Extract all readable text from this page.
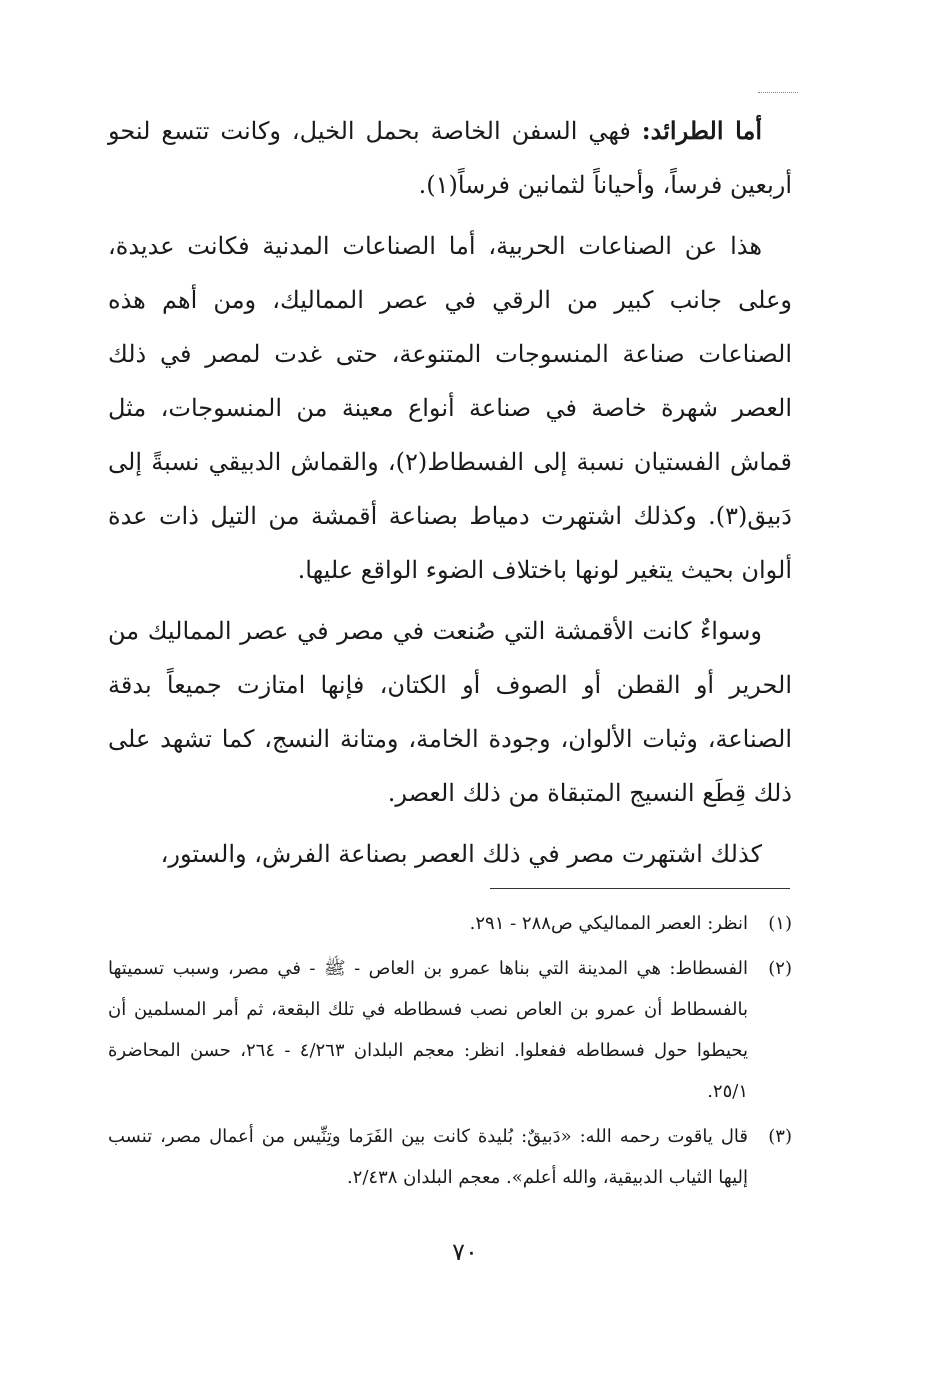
أما الطرائد: فهي السفن الخاصة بحمل الخيل، وكانت تتسع لنحو أربعين فرساً، وأحياناً لثمانين فرساً(١).

هذا عن الصناعات الحربية، أما الصناعات المدنية فكانت عديدة، وعلى جانب كبير من الرقي في عصر المماليك، ومن أهم هذه الصناعات صناعة المنسوجات المتنوعة، حتى غدت لمصر في ذلك العصر شهرة خاصة في صناعة أنواع معينة من المنسوجات، مثل قماش الفستيان نسبة إلى الفسطاط(٢)، والقماش الدبيقي نسبةً إلى دَبيق(٣). وكذلك اشتهرت دمياط بصناعة أقمشة من التيل ذات عدة ألوان بحيث يتغير لونها باختلاف الضوء الواقع عليها.

وسواءٌ كانت الأقمشة التي صُنعت في مصر في عصر المماليك من الحرير أو القطن أو الصوف أو الكتان، فإنها امتازت جميعاً بدقة الصناعة، وثبات الألوان، وجودة الخامة، ومتانة النسج، كما تشهد على ذلك قِطَع النسيج المتبقاة من ذلك العصر.

كذلك اشتهرت مصر في ذلك العصر بصناعة الفرش، والستور،

(١)
انظر: العصر المماليكي ص٢٨٨ - ٢٩١.
(٢)
الفسطاط: هي المدينة التي بناها عمرو بن العاص - ﷺ - في مصر، وسبب تسميتها بالفسطاط أن عمرو بن العاص نصب فسطاطه في تلك البقعة، ثم أمر المسلمين أن يحيطوا حول فسطاطه ففعلوا. انظر: معجم البلدان ٤/٢٦٣ - ٢٦٤، حسن المحاضرة ٢٥/١.
(٣)
قال ياقوت رحمه الله: «دَبيقٌ: بُليدة كانت بين الفَرَما وتِنِّيس من أعمال مصر، تنسب إليها الثياب الدبيقية، والله أعلم». معجم البلدان ٢/٤٣٨.
٧٠
